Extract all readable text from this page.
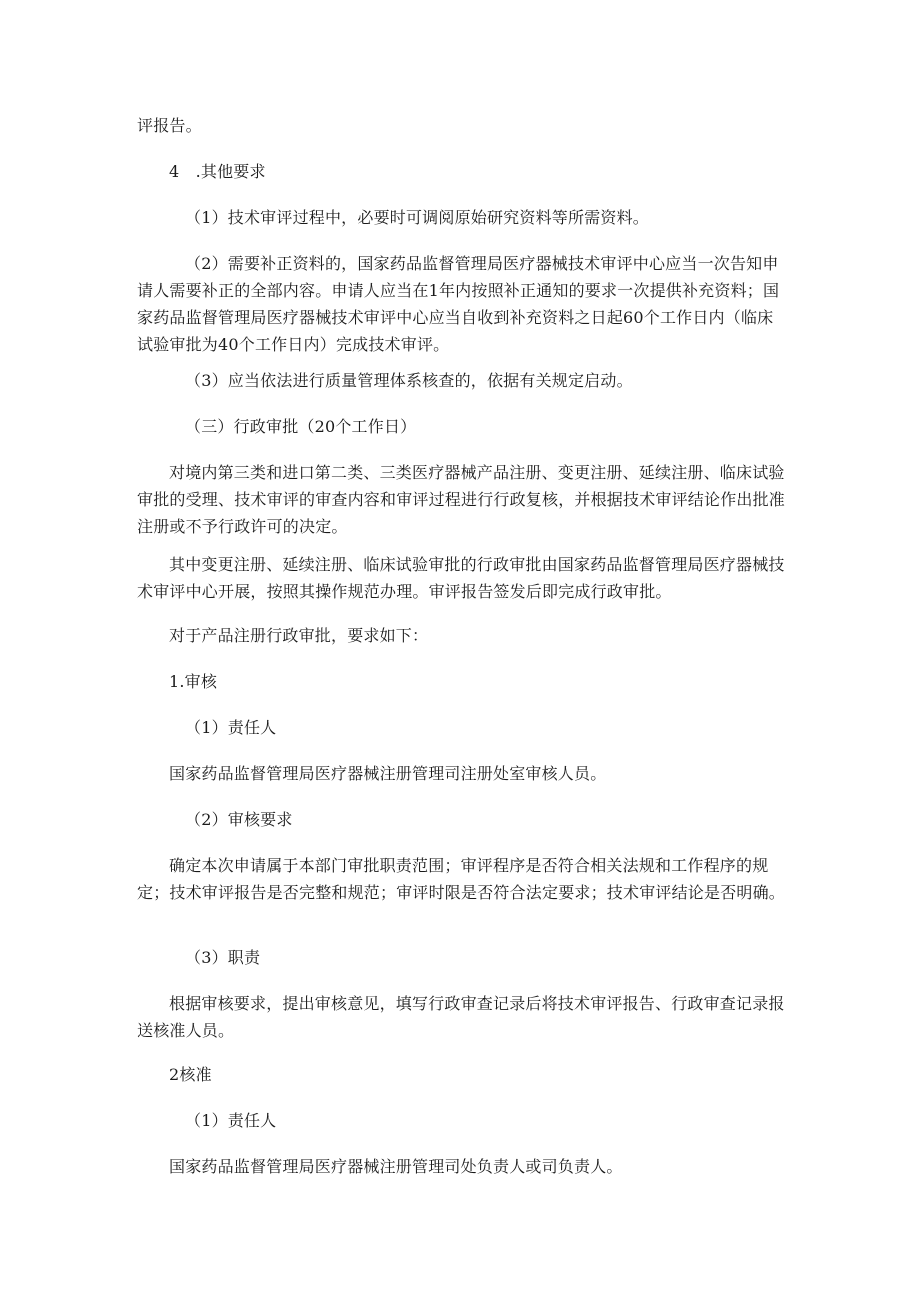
评报告。

4　.其他要求

（1）技术审评过程中，必要时可调阅原始研究资料等所需资料。

（2）需要补正资料的，国家药品监督管理局医疗器械技术审评中心应当一次告知申请人需要补正的全部内容。申请人应当在1年内按照补正通知的要求一次提供补充资料；国家药品监督管理局医疗器械技术审评中心应当自收到补充资料之日起60个工作日内（临床试验审批为40个工作日内）完成技术审评。

（3）应当依法进行质量管理体系核查的，依据有关规定启动。

（三）行政审批（20个工作日）

对境内第三类和进口第二类、三类医疗器械产品注册、变更注册、延续注册、临床试验审批的受理、技术审评的审查内容和审评过程进行行政复核，并根据技术审评结论作出批准注册或不予行政许可的决定。

其中变更注册、延续注册、临床试验审批的行政审批由国家药品监督管理局医疗器械技术审评中心开展，按照其操作规范办理。审评报告签发后即完成行政审批。

对于产品注册行政审批，要求如下：

1.审核

（1）责任人

国家药品监督管理局医疗器械注册管理司注册处室审核人员。

（2）审核要求

确定本次申请属于本部门审批职责范围；审评程序是否符合相关法规和工作程序的规定；技术审评报告是否完整和规范；审评时限是否符合法定要求；技术审评结论是否明确。

（3）职责

根据审核要求，提出审核意见，填写行政审查记录后将技术审评报告、行政审查记录报送核准人员。

2核准

（1）责任人

国家药品监督管理局医疗器械注册管理司处负责人或司负责人。
